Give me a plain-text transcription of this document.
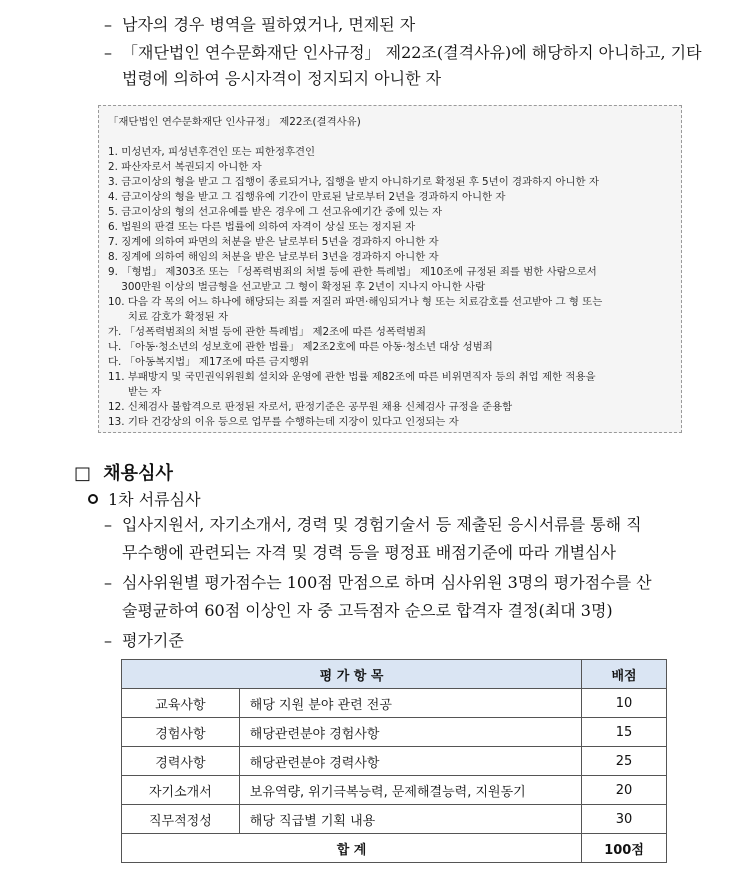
– 남자의 경우 병역을 필하였거나, 면제된 자
– 「재단법인 연수문화재단 인사규정」 제22조(결격사유)에 해당하지 아니하고, 기타
법령에 의하여 응시자격이 정지되지 아니한 자
「재단법인 연수문화재단 인사규정」 제22조(결격사유)
1. 미성년자, 피성년후견인 또는 피한정후견인
2. 파산자로서 복권되지 아니한 자
3. 금고이상의 형을 받고 그 집행이 종료되거나, 집행을 받지 아니하기로 확정된 후 5년이 경과하지 아니한 자
4. 금고이상의 형을 받고 그 집행유예 기간이 만료된 날로부터 2년을 경과하지 아니한 자
5. 금고이상의 형의 선고유예를 받은 경우에 그 선고유예기간 중에 있는 자
6. 법원의 판결 또는 다른 법률에 의하여 자격이 상실 또는 정지된 자
7. 징계에 의하여 파면의 처분을 받은 날로부터 5년을 경과하지 아니한 자
8. 징계에 의하여 해임의 처분을 받은 날로부터 3년을 경과하지 아니한 자
9. 「형법」 제303조 또는 「성폭력범죄의 처벌 등에 관한 특례법」 제10조에 규정된 죄를 범한 사람으로서
300만원 이상의 벌금형을 선고받고 그 형이 확정된 후 2년이 지나지 아니한 사람
10. 다음 각 목의 어느 하나에 해당되는 죄를 저질러 파면·해임되거나 형 또는 치료감호를 선고받아 그 형 또는
치료 감호가 확정된 자
가. 「성폭력범죄의 처벌 등에 관한 특례법」 제2조에 따른 성폭력범죄
나. 「아동·청소년의 성보호에 관한 법률」 제2조2호에 따른 아동·청소년 대상 성범죄
다. 「아동복지법」 제17조에 따른 금지행위
11. 부패방지 및 국민권익위원회 설치와 운영에 관한 법률 제82조에 따른 비위면직자 등의 취업 제한 적용을
받는 자
12. 신체검사 불합격으로 판정된 자로서, 판정기준은 공무원 채용 신체검사 규정을 준용함
13. 기타 건강상의 이유 등으로 업무를 수행하는데 지장이 있다고 인정되는 자
□ 채용심사
1차 서류심사
– 입사지원서, 자기소개서, 경력 및 경험기술서 등 제출된 응시서류를 통해 직
무수행에 관련되는 자격 및 경력 등을 평정표 배점기준에 따라 개별심사
– 심사위원별 평가점수는 100점 만점으로 하며 심사위원 3명의 평가점수를 산
술평균하여 60점 이상인 자 중 고득점자 순으로 합격자 결정(최대 3명)
– 평가기준
평 가 항 목		배점
교육사항	해당 지원 분야 관련 전공	10
경험사항	해당관련분야 경험사항	15
경력사항	해당관련분야 경력사항	25
자기소개서	보유역량, 위기극복능력, 문제해결능력, 지원동기	20
직무적정성	해당 직급별 기획 내용	30
합 계		100점
